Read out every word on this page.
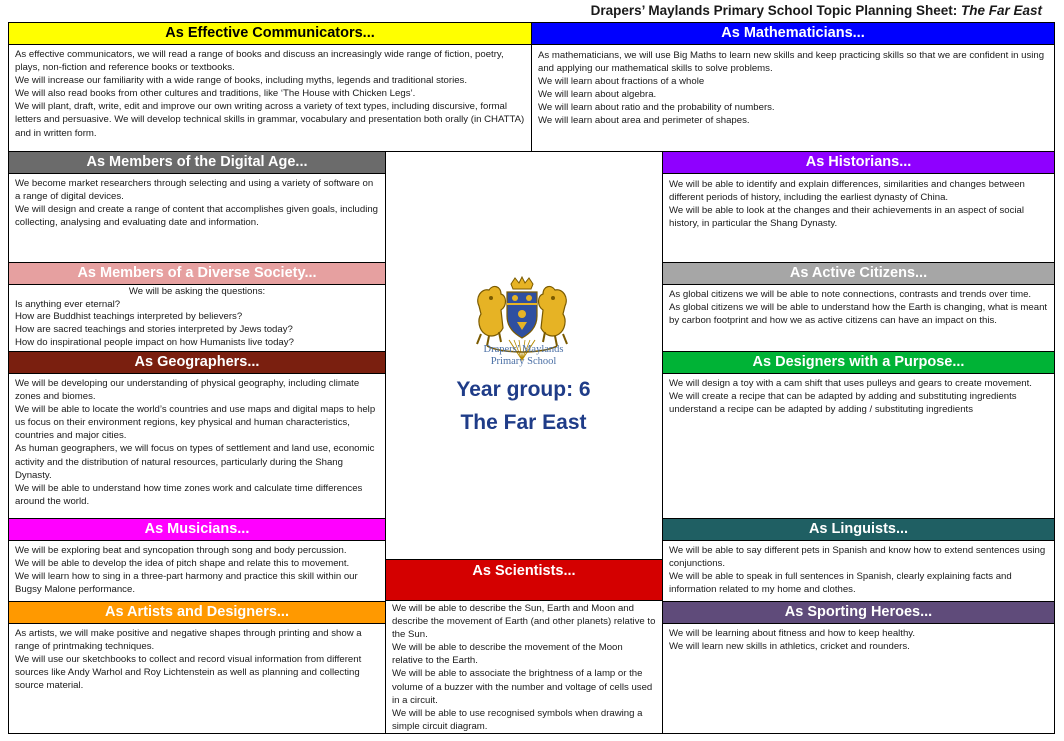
Drapers’ Maylands Primary School Topic Planning Sheet: The Far East
As Effective Communicators...

As effective communicators, we will read a range of books and discuss an increasingly wide range of fiction, poetry, plays, non-fiction and reference books or textbooks.

We will increase our familiarity with a wide range of books, including myths, legends and traditional stories.

We will also read books from other cultures and traditions, like ‘The House with Chicken Legs’.

We will plant, draft, write, edit and improve our own writing across a variety of text types, including discursive, formal letters and persuasive. We will develop technical skills in grammar, vocabulary and presentation both orally (in CHATTA) and in written form.

As Mathematicians...

As mathematicians, we will use Big Maths to learn new skills and keep practicing skills so that we are confident in using and applying our mathematical skills to solve problems.

We will learn about fractions of a whole

We will learn about algebra.

We will learn about ratio and the probability of numbers.

We will learn about area and perimeter of shapes.

As Members of the Digital Age...

We become market researchers through selecting and using a variety of software on a range of digital devices.

We will design and create a range of content that accomplishes given goals, including collecting, analysing and evaluating date and information.

As Members of a Diverse Society...

We will be asking the questions:

Is anything ever eternal?

How are Buddhist teachings interpreted by believers?

How are sacred teachings and stories interpreted by Jews today?

How do inspirational people impact on how Humanists live today?

As Geographers...

We will be developing our understanding of physical geography, including climate zones and biomes.

We will be able to locate the world’s countries and use maps and digital maps to help us focus on their environment regions, key physical and human characteristics, countries and major cities.

As human geographers, we will focus on types of settlement and land use, economic activity and the distribution of natural resources, particularly during the Shang Dynasty.

We will be able to understand how time zones work and calculate time differences around the world.

As Musicians...

We will be exploring beat and syncopation through song and body percussion.

We will be able to develop the idea of pitch shape and relate this to movement.

We will learn how to sing in a three-part harmony and practice this skill within our Bugsy Malone performance.

As Artists and Designers...

As artists, we will make positive and negative shapes through printing and show a range of printmaking techniques.

We will use our sketchbooks to collect and record visual information from different sources like Andy Warhol and Roy Lichtenstein as well as planning and collecting source material.

Drapers’ Maylands
Primary School
Year group: 6
The Far East
As Scientists...

We will be able to describe the Sun, Earth and Moon and describe the movement of Earth (and other planets) relative to the Sun.

We will be able to describe the movement of the Moon relative to the Earth.

We will be able to associate the brightness of a lamp or the volume of a buzzer with the number and voltage of cells used in a circuit.

We will be able to use recognised symbols when drawing a simple circuit diagram.

As Historians...

We will be able to identify and explain differences, similarities and changes between different periods of history, including the earliest dynasty of China.

We will be able to look at the changes and their achievements in an aspect of social history, in particular the Shang Dynasty.

As Active Citizens...

As global citizens we will be able to note connections, contrasts and trends over time.

As global citizens we will be able to understand how the Earth is changing, what is meant by carbon footprint and how we as active citizens can have an impact on this.

As Designers with a Purpose...

We will design a toy with a cam shift that uses pulleys and gears to create movement.

We will create a recipe that can be adapted by adding and substituting ingredients understand a recipe can be adapted by adding / substituting ingredients

As Linguists...

We will be able to say different pets in Spanish and know how to extend sentences using conjunctions.

We will be able to speak in full sentences in Spanish, clearly explaining facts and information related to my home and clothes.

As Sporting Heroes...

We will be learning about fitness and how to keep healthy.

We will learn new skills in athletics, cricket and rounders.
